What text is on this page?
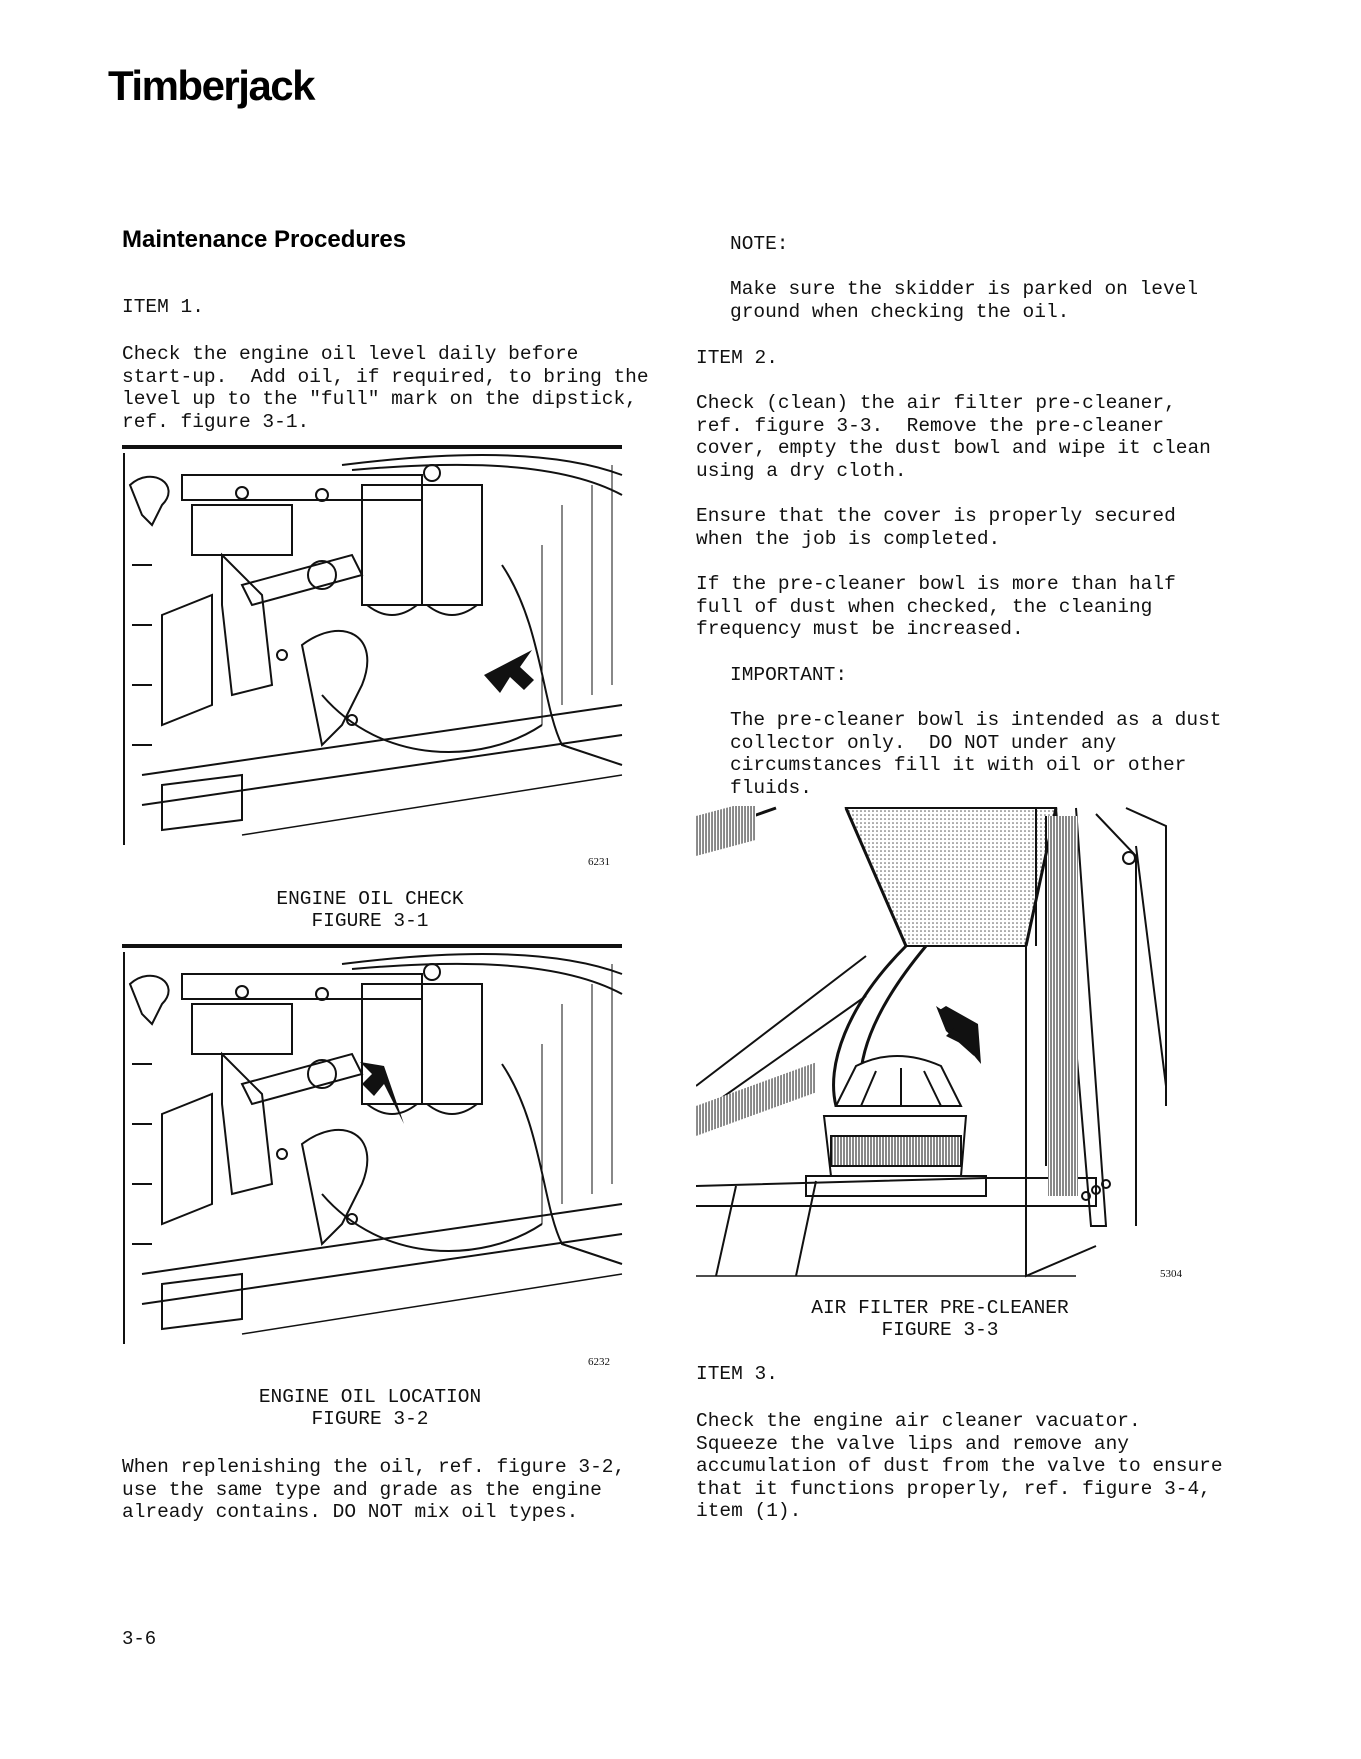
Timberjack
Maintenance Procedures
ITEM 1.
Check the engine oil level daily before
start-up.  Add oil, if required, to bring the
level up to the "full" mark on the dipstick,
ref. figure 3-1.
6231
ENGINE OIL CHECK
FIGURE 3-1
6232
ENGINE OIL LOCATION
FIGURE 3-2
When replenishing the oil, ref. figure 3-2,
use the same type and grade as the engine
already contains. DO NOT mix oil types.
NOTE:
Make sure the skidder is parked on level
ground when checking the oil.
ITEM 2.
Check (clean) the air filter pre-cleaner,
ref. figure 3-3.  Remove the pre-cleaner
cover, empty the dust bowl and wipe it clean
using a dry cloth.
Ensure that the cover is properly secured
when the job is completed.
If the pre-cleaner bowl is more than half
full of dust when checked, the cleaning
frequency must be increased.
IMPORTANT:
The pre-cleaner bowl is intended as a dust
collector only.  DO NOT under any
circumstances fill it with oil or other
fluids.
5304
AIR FILTER PRE-CLEANER
FIGURE 3-3
ITEM 3.
Check the engine air cleaner vacuator.
Squeeze the valve lips and remove any
accumulation of dust from the valve to ensure
that it functions properly, ref. figure 3-4,
item (1).
3-6
